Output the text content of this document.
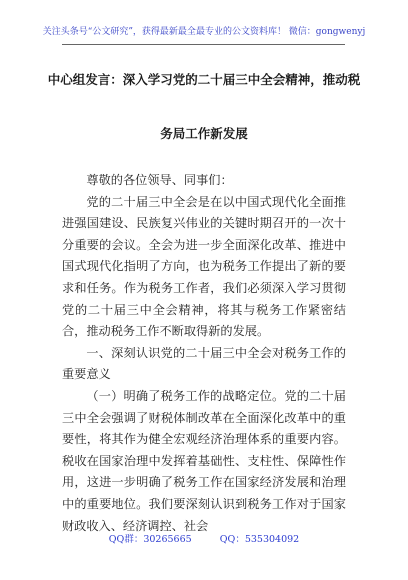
关注头条号“公文研究”，获得最新最全最专业的公文资料库！ 微信：gongwenyj
中心组发言：深入学习党的二十届三中全会精神，推动税
务局工作新发展

尊敬的各位领导、同事们：

党的二十届三中全会是在以中国式现代化全面推进强国建设、民族复兴伟业的关键时期召开的一次十分重要的会议。全会为进一步全面深化改革、推进中国式现代化指明了方向，也为税务工作提出了新的要求和任务。作为税务工作者，我们必须深入学习贯彻党的二十届三中全会精神，将其与税务工作紧密结合，推动税务工作不断取得新的发展。

一、深刻认识党的二十届三中全会对税务工作的重要意义

（一）明确了税务工作的战略定位。党的二十届三中全会强调了财税体制改革在全面深化改革中的重要性，将其作为健全宏观经济治理体系的重要内容。税收在国家治理中发挥着基础性、支柱性、保障性作用，这进一步明确了税务工作在国家经济发展和治理中的重要地位。我们要深刻认识到税务工作对于国家财政收入、经济调控、社会

QQ群：30265665	QQ：535304092
